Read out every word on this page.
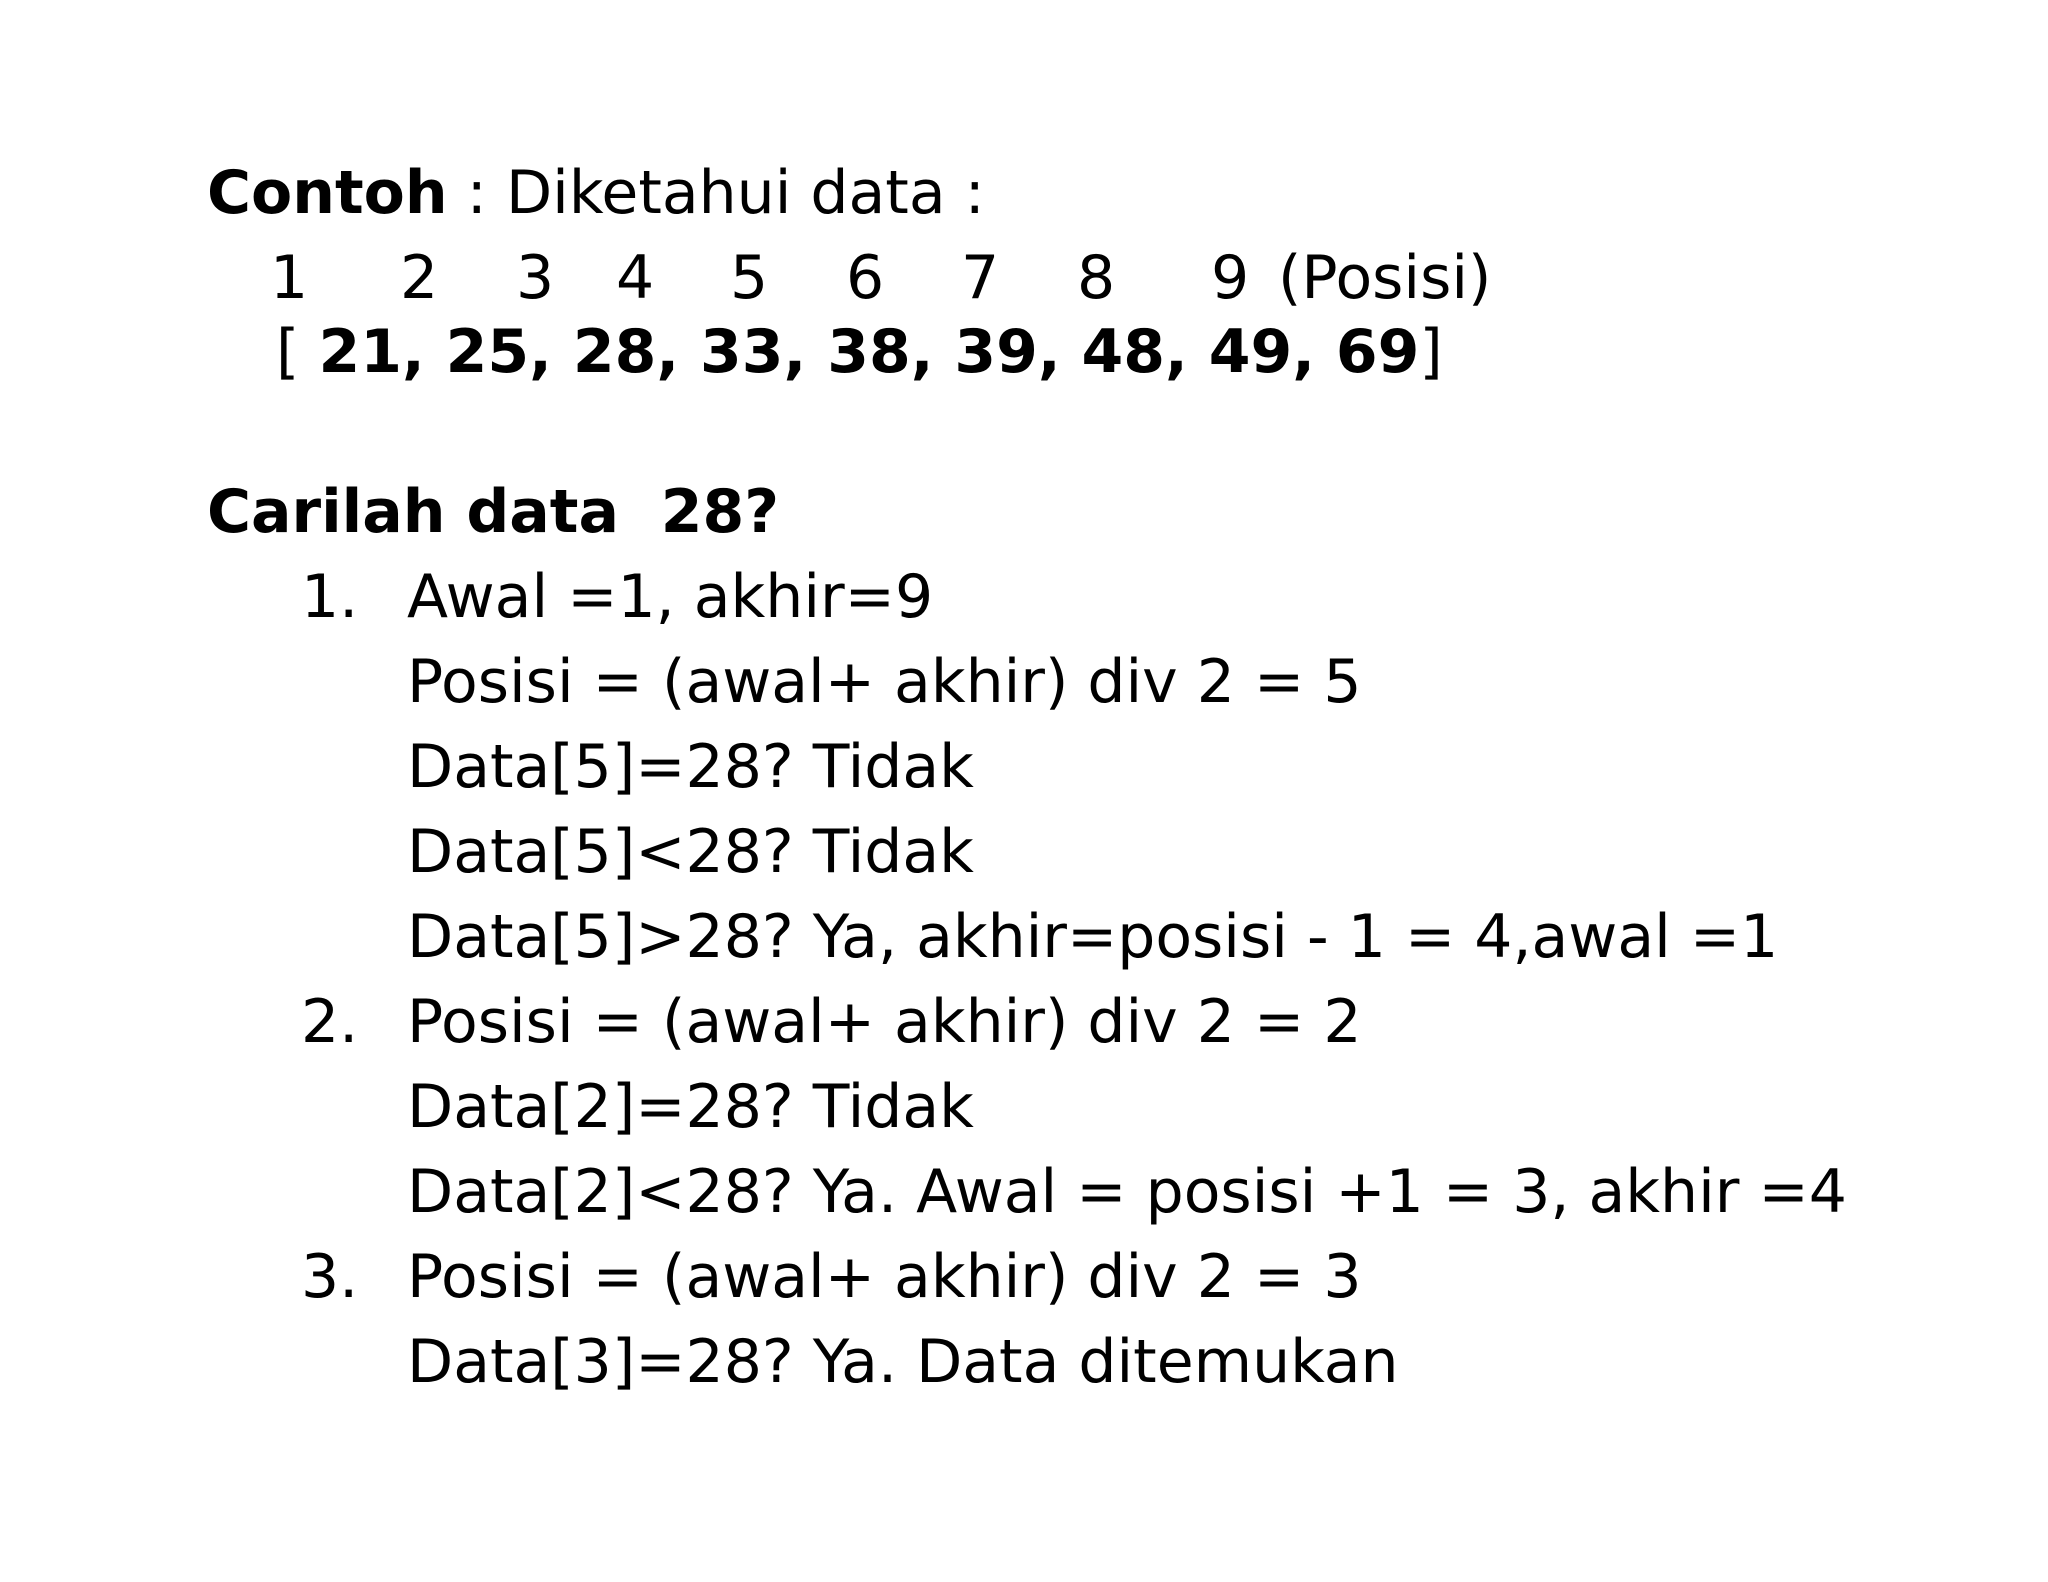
Contoh : Diketahui data :
1 2 3 4 5 6 7 8 9 (Posisi)
[ 21, 25, 28, 33, 38, 39, 48, 49, 69]
Carilah data  28?
1. Awal =1, akhir=9
Posisi = (awal+ akhir) div 2 = 5
Data[5]=28? Tidak
Data[5]<28? Tidak
Data[5]>28? Ya, akhir=posisi - 1 = 4,awal =1
2. Posisi = (awal+ akhir) div 2 = 2
Data[2]=28? Tidak
Data[2]<28? Ya. Awal = posisi +1 = 3, akhir =4
3. Posisi = (awal+ akhir) div 2 = 3
Data[3]=28? Ya. Data ditemukan
